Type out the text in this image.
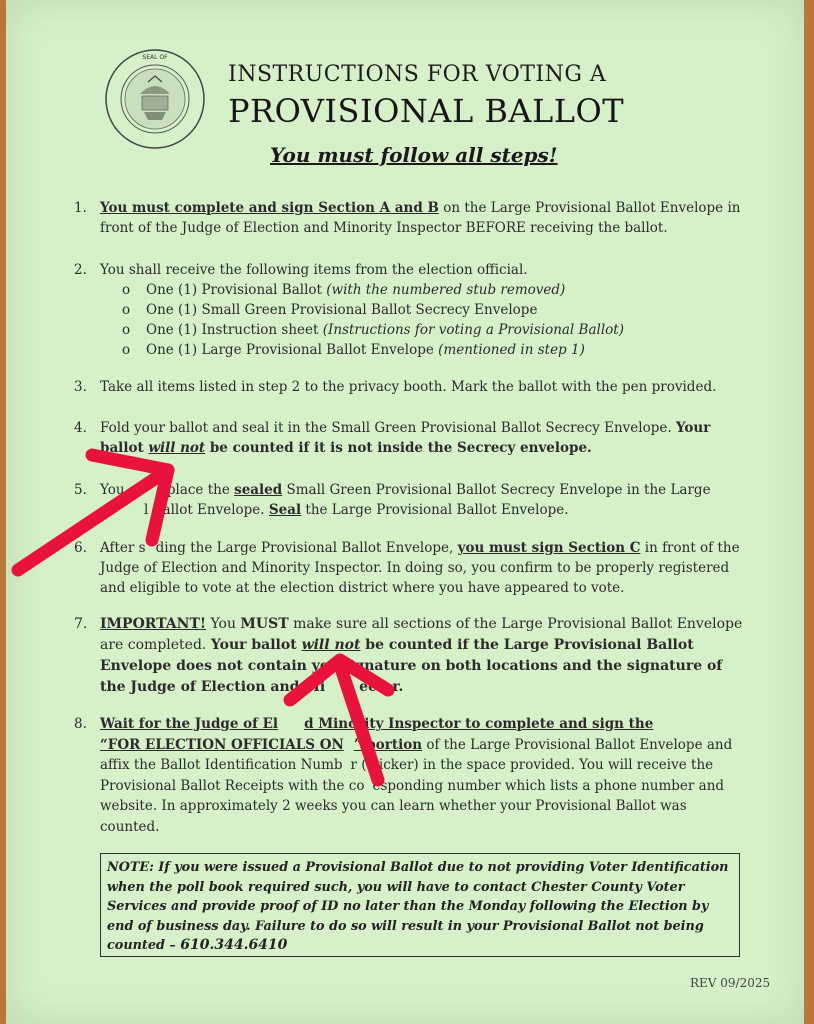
SEAL OF
INSTRUCTIONS FOR VOTING A
PROVISIONAL BALLOT
You must follow all steps!
1. You must complete and sign Section A and B on the Large Provisional Ballot Envelope in front of the Judge of Election and Minority Inspector BEFORE receiving the ballot.
2. You shall receive the following items from the election official.
o One (1) Provisional Ballot (with the numbered stub removed)
o One (1) Small Green Provisional Ballot Secrecy Envelope
o One (1) Instruction sheet (Instructions for voting a Provisional Ballot)
o One (1) Large Provisional Ballot Envelope (mentioned in step 1)
3. Take all items listed in step 2 to the privacy booth. Mark the ballot with the pen provided.
4. Fold your ballot and seal it in the Small Green Provisional Ballot Secrecy Envelope. Your ballot will not be counted if it is not inside the Secrecy envelope.
5. You	place the sealed Small Green Provisional Ballot Secrecy Envelope in the Large
l Ballot Envelope. Seal the Large Provisional Ballot Envelope.
6. After s ding the Large Provisional Ballot Envelope, you must sign Section C in front of the Judge of Election and Minority Inspector. In doing so, you confirm to be properly registered and eligible to vote at the election district where you have appeared to vote.
7. IMPORTANT! You MUST make sure all sections of the Large Provisional Ballot Envelope are completed. Your ballot will not be counted if the Large Provisional Ballot Envelope does not contain yo signature on both locations and the signature of the Judge of Election and Mi ector.
8. Wait for the Judge of El d Minority Inspector to complete and sign the
“FOR ELECTION OFFICIALS ON ” portion of the Large Provisional Ballot Envelope and affix the Ballot Identification Numb r (sticker) in the space provided. You will receive the Provisional Ballot Receipts with the co esponding number which lists a phone number and website. In approximately 2 weeks you can learn whether your Provisional Ballot was counted.
NOTE: If you were issued a Provisional Ballot due to not providing Voter Identification when the poll book required such, you will have to contact Chester County Voter Services and provide proof of ID no later than the Monday following the Election by end of business day. Failure to do so will result in your Provisional Ballot not being counted – 610.344.6410
REV 09/2025
